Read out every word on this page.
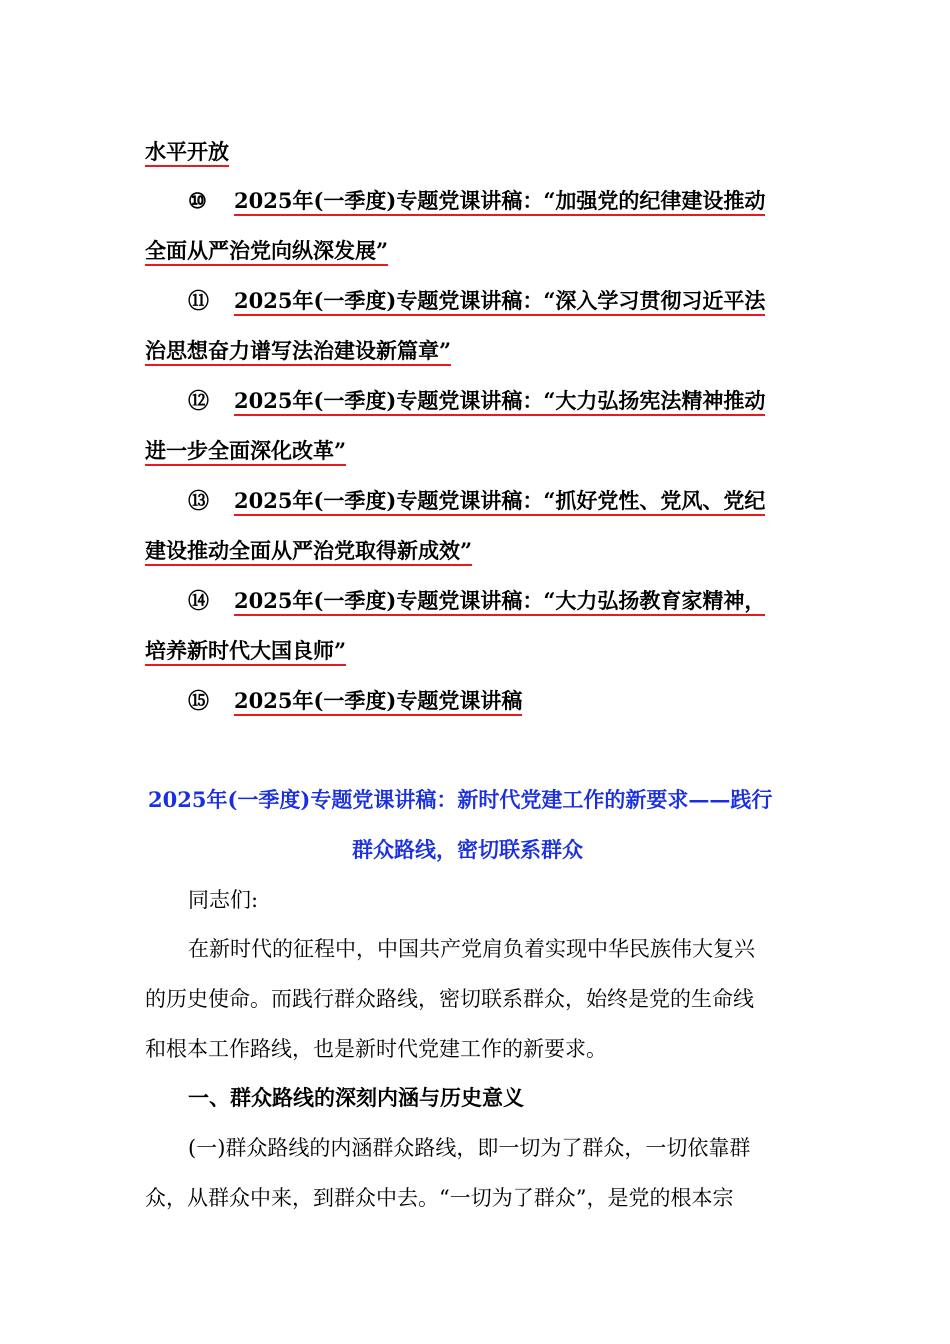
水平开放
⑩ 2025年(一季度)专题党课讲稿：“加强党的纪律建设推动
全面从严治党向纵深发展”
⑪ 2025年(一季度)专题党课讲稿：“深入学习贯彻习近平法
治思想奋力谱写法治建设新篇章”
⑫ 2025年(一季度)专题党课讲稿：“大力弘扬宪法精神推动
进一步全面深化改革”
⑬ 2025年(一季度)专题党课讲稿：“抓好党性、党风、党纪
建设推动全面从严治党取得新成效”
⑭ 2025年(一季度)专题党课讲稿：“大力弘扬教育家精神，
培养新时代大国良师”
⑮ 2025年(一季度)专题党课讲稿
2025年(一季度)专题党课讲稿：新时代党建工作的新要求——践行
群众路线，密切联系群众
同志们:
在新时代的征程中，中国共产党肩负着实现中华民族伟大复兴
的历史使命。而践行群众路线，密切联系群众，始终是党的生命线
和根本工作路线，也是新时代党建工作的新要求。
一、群众路线的深刻内涵与历史意义
(一)群众路线的内涵群众路线，即一切为了群众，一切依靠群
众，从群众中来，到群众中去。“一切为了群众”，是党的根本宗
